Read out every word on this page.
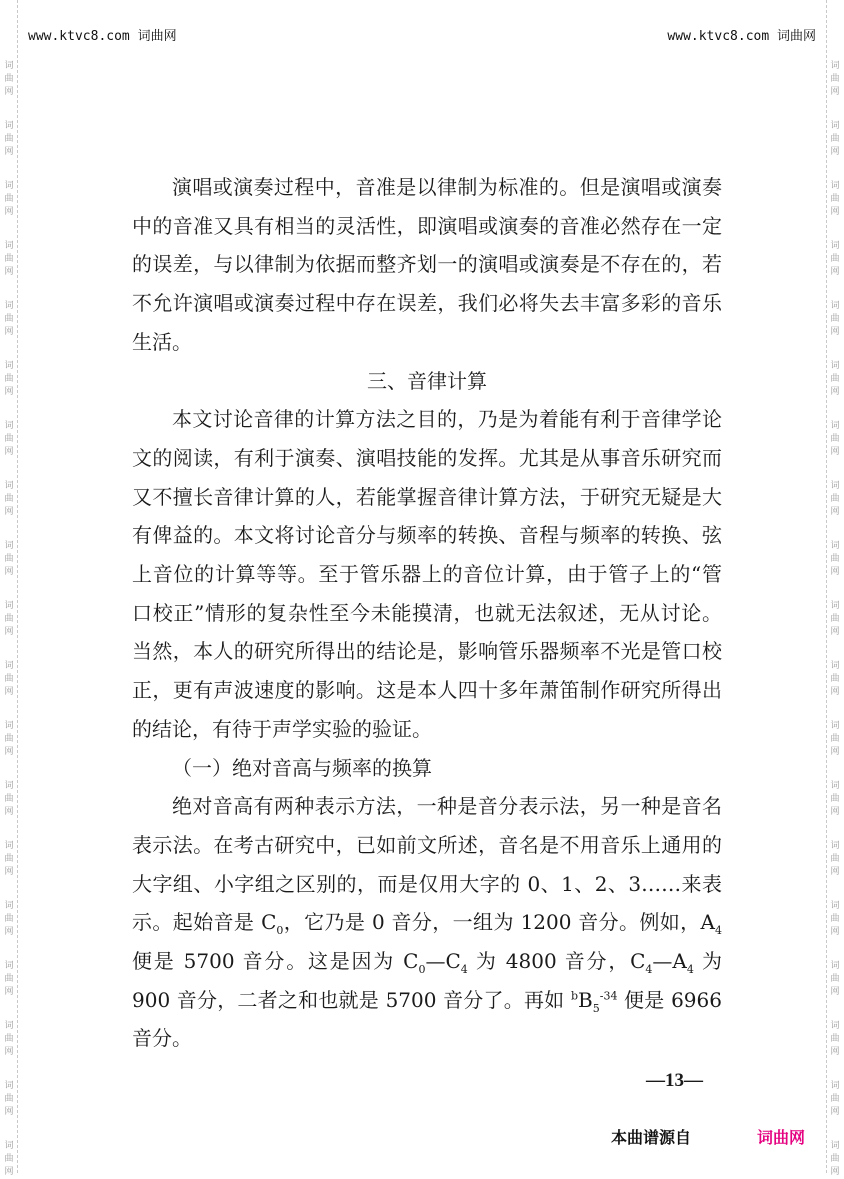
词
曲
网
词
曲
网
词
曲
网
词
曲
网
词
曲
网
词
曲
网
词
曲
网
词
曲
网
词
曲
网
词
曲
网
词
曲
网
词
曲
网
词
曲
网
词
曲
网
词
曲
网
词
曲
网
词
曲
网
词
曲
网
词
曲
网
词
曲
网
词
曲
网
词
曲
网
词
曲
网
词
曲
网
词
曲
网
词
曲
网
词
曲
网
词
曲
网
词
曲
网
词
曲
网
词
曲
网
词
曲
网
词
曲
网
词
曲
网
词
曲
网
词
曲
网
词
曲
网
词
曲
网
www.ktvc8.com 词曲网	www.ktvc8.com 词曲网

演唱或演奏过程中，音准是以律制为标准的。但是演唱或演奏中的音准又具有相当的灵活性，即演唱或演奏的音准必然存在一定的误差，与以律制为依据而整齐划一的演唱或演奏是不存在的，若不允许演唱或演奏过程中存在误差，我们必将失去丰富多彩的音乐生活。

三、音律计算

本文讨论音律的计算方法之目的，乃是为着能有利于音律学论文的阅读，有利于演奏、演唱技能的发挥。尤其是从事音乐研究而又不擅长音律计算的人，若能掌握音律计算方法，于研究无疑是大有俾益的。本文将讨论音分与频率的转换、音程与频率的转换、弦上音位的计算等等。至于管乐器上的音位计算，由于管子上的“管口校正”情形的复杂性至今未能摸清，也就无法叙述，无从讨论。当然，本人的研究所得出的结论是，影响管乐器频率不光是管口校正，更有声波速度的影响。这是本人四十多年萧笛制作研究所得出的结论，有待于声学实验的验证。

（一）绝对音高与频率的换算

绝对音高有两种表示方法，一种是音分表示法，另一种是音名表示法。在考古研究中，已如前文所述，音名是不用音乐上通用的大字组、小字组之区别的，而是仅用大字的 0、1、2、3……来表示。起始音是 $C_0$，它乃是 0 音分，一组为 1200 音分。例如，$A_4$ 便是 5700 音分。这是因为 $C_0—C_4$ 为 4800 音分，$C_4—A_4$ 为 900 音分，二者之和也就是 5700 音分了。再如 $^bB_5^{-34}$ 便是 6966 音分。

—13—
本曲谱源自	词曲网
